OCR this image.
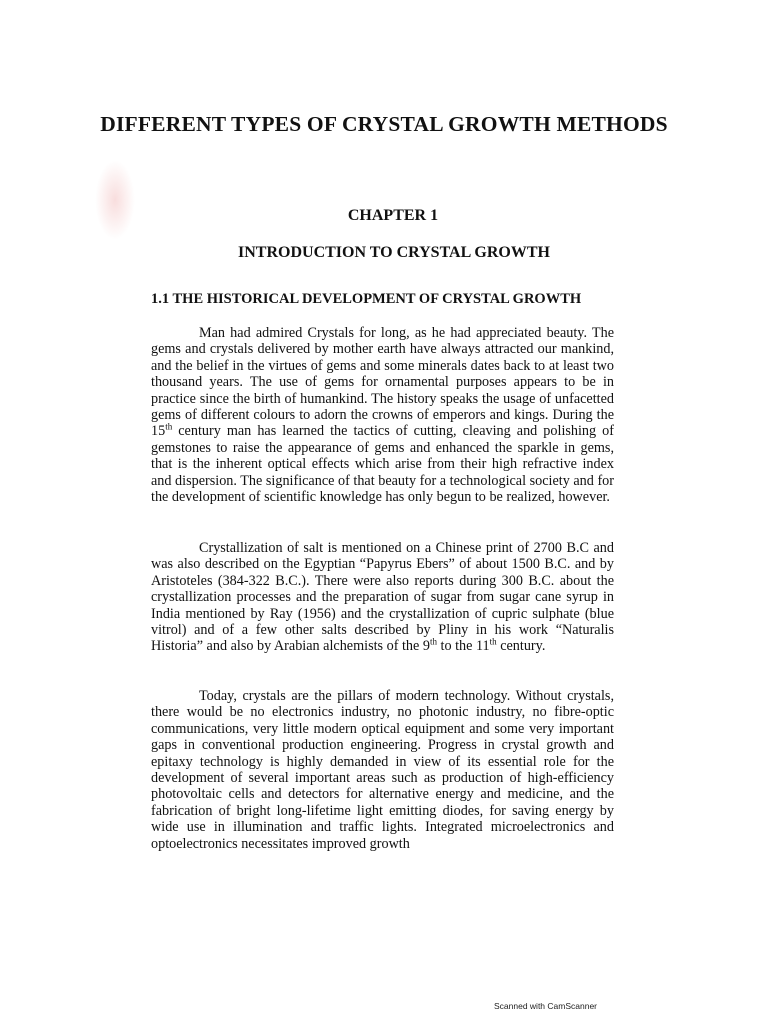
DIFFERENT TYPES OF CRYSTAL GROWTH METHODS
CHAPTER 1
INTRODUCTION TO CRYSTAL GROWTH
1.1 THE HISTORICAL DEVELOPMENT OF CRYSTAL GROWTH

Man had admired Crystals for long, as he had appreciated beauty. The gems and crystals delivered by mother earth have always attracted our mankind, and the belief in the virtues of gems and some minerals dates back to at least two thousand years. The use of gems for ornamental purposes appears to be in practice since the birth of humankind. The history speaks the usage of unfacetted gems of different colours to adorn the crowns of emperors and kings. During the 15th century man has learned the tactics of cutting, cleaving and polishing of gemstones to raise the appearance of gems and enhanced the sparkle in gems, that is the inherent optical effects which arise from their high refractive index and dispersion. The significance of that beauty for a technological society and for the development of scientific knowledge has only begun to be realized, however.

Crystallization of salt is mentioned on a Chinese print of 2700 B.C and was also described on the Egyptian “Papyrus Ebers” of about 1500 B.C. and by Aristoteles (384-322 B.C.). There were also reports during 300 B.C. about the crystallization processes and the preparation of sugar from sugar cane syrup in India mentioned by Ray (1956) and the crystallization of cupric sulphate (blue vitrol) and of a few other salts described by Pliny in his work “Naturalis Historia” and also by Arabian alchemists of the 9th to the 11th century.

Today, crystals are the pillars of modern technology. Without crystals, there would be no electronics industry, no photonic industry, no fibre-optic communications, very little modern optical equipment and some very important gaps in conventional production engineering. Progress in crystal growth and epitaxy technology is highly demanded in view of its essential role for the development of several important areas such as production of high-efficiency photovoltaic cells and detectors for alternative energy and medicine, and the fabrication of bright long-lifetime light emitting diodes, for saving energy by wide use in illumination and traffic lights. Integrated microelectronics and optoelectronics necessitates improved growth

Scanned with CamScanner
